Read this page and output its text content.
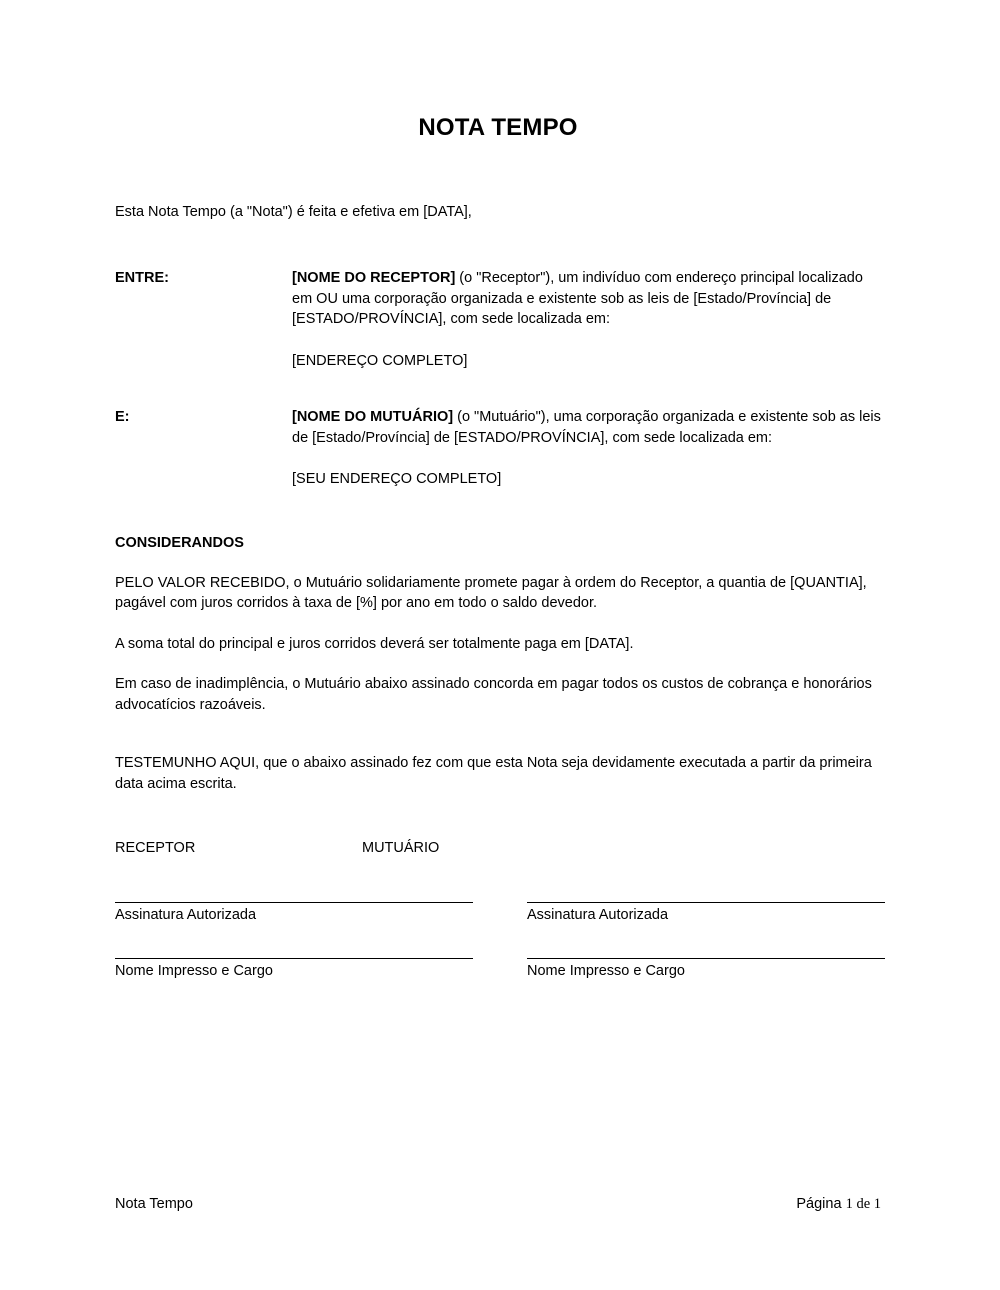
NOTA TEMPO

Esta Nota Tempo (a "Nota") é feita e efetiva em [DATA],

ENTRE:	[NOME DO RECEPTOR] (o "Receptor"), um indivíduo com endereço principal localizado em OU uma corporação organizada e existente sob as leis de [Estado/Província] de [ESTADO/PROVÍNCIA], com sede localizada em:
[ENDEREÇO COMPLETO]
E:	[NOME DO MUTUÁRIO] (o "Mutuário"), uma corporação organizada e existente sob as leis de [Estado/Província] de [ESTADO/PROVÍNCIA], com sede localizada em:
[SEU ENDEREÇO COMPLETO]
CONSIDERANDOS

PELO VALOR RECEBIDO, o Mutuário solidariamente promete pagar à ordem do Receptor, a quantia de [QUANTIA], pagável com juros corridos à taxa de [%] por ano em todo o saldo devedor.

A soma total do principal e juros corridos deverá ser totalmente paga em [DATA].

Em caso de inadimplência, o Mutuário abaixo assinado concorda em pagar todos os custos de cobrança e honorários advocatícios razoáveis.

TESTEMUNHO AQUI, que o abaixo assinado fez com que esta Nota seja devidamente executada a partir da primeira data acima escrita.

RECEPTOR	MUTUÁRIO
Assinatura Autorizada	Assinatura Autorizada
Nome Impresso e Cargo	Nome Impresso e Cargo
Nota Tempo	Página 1 de 1
